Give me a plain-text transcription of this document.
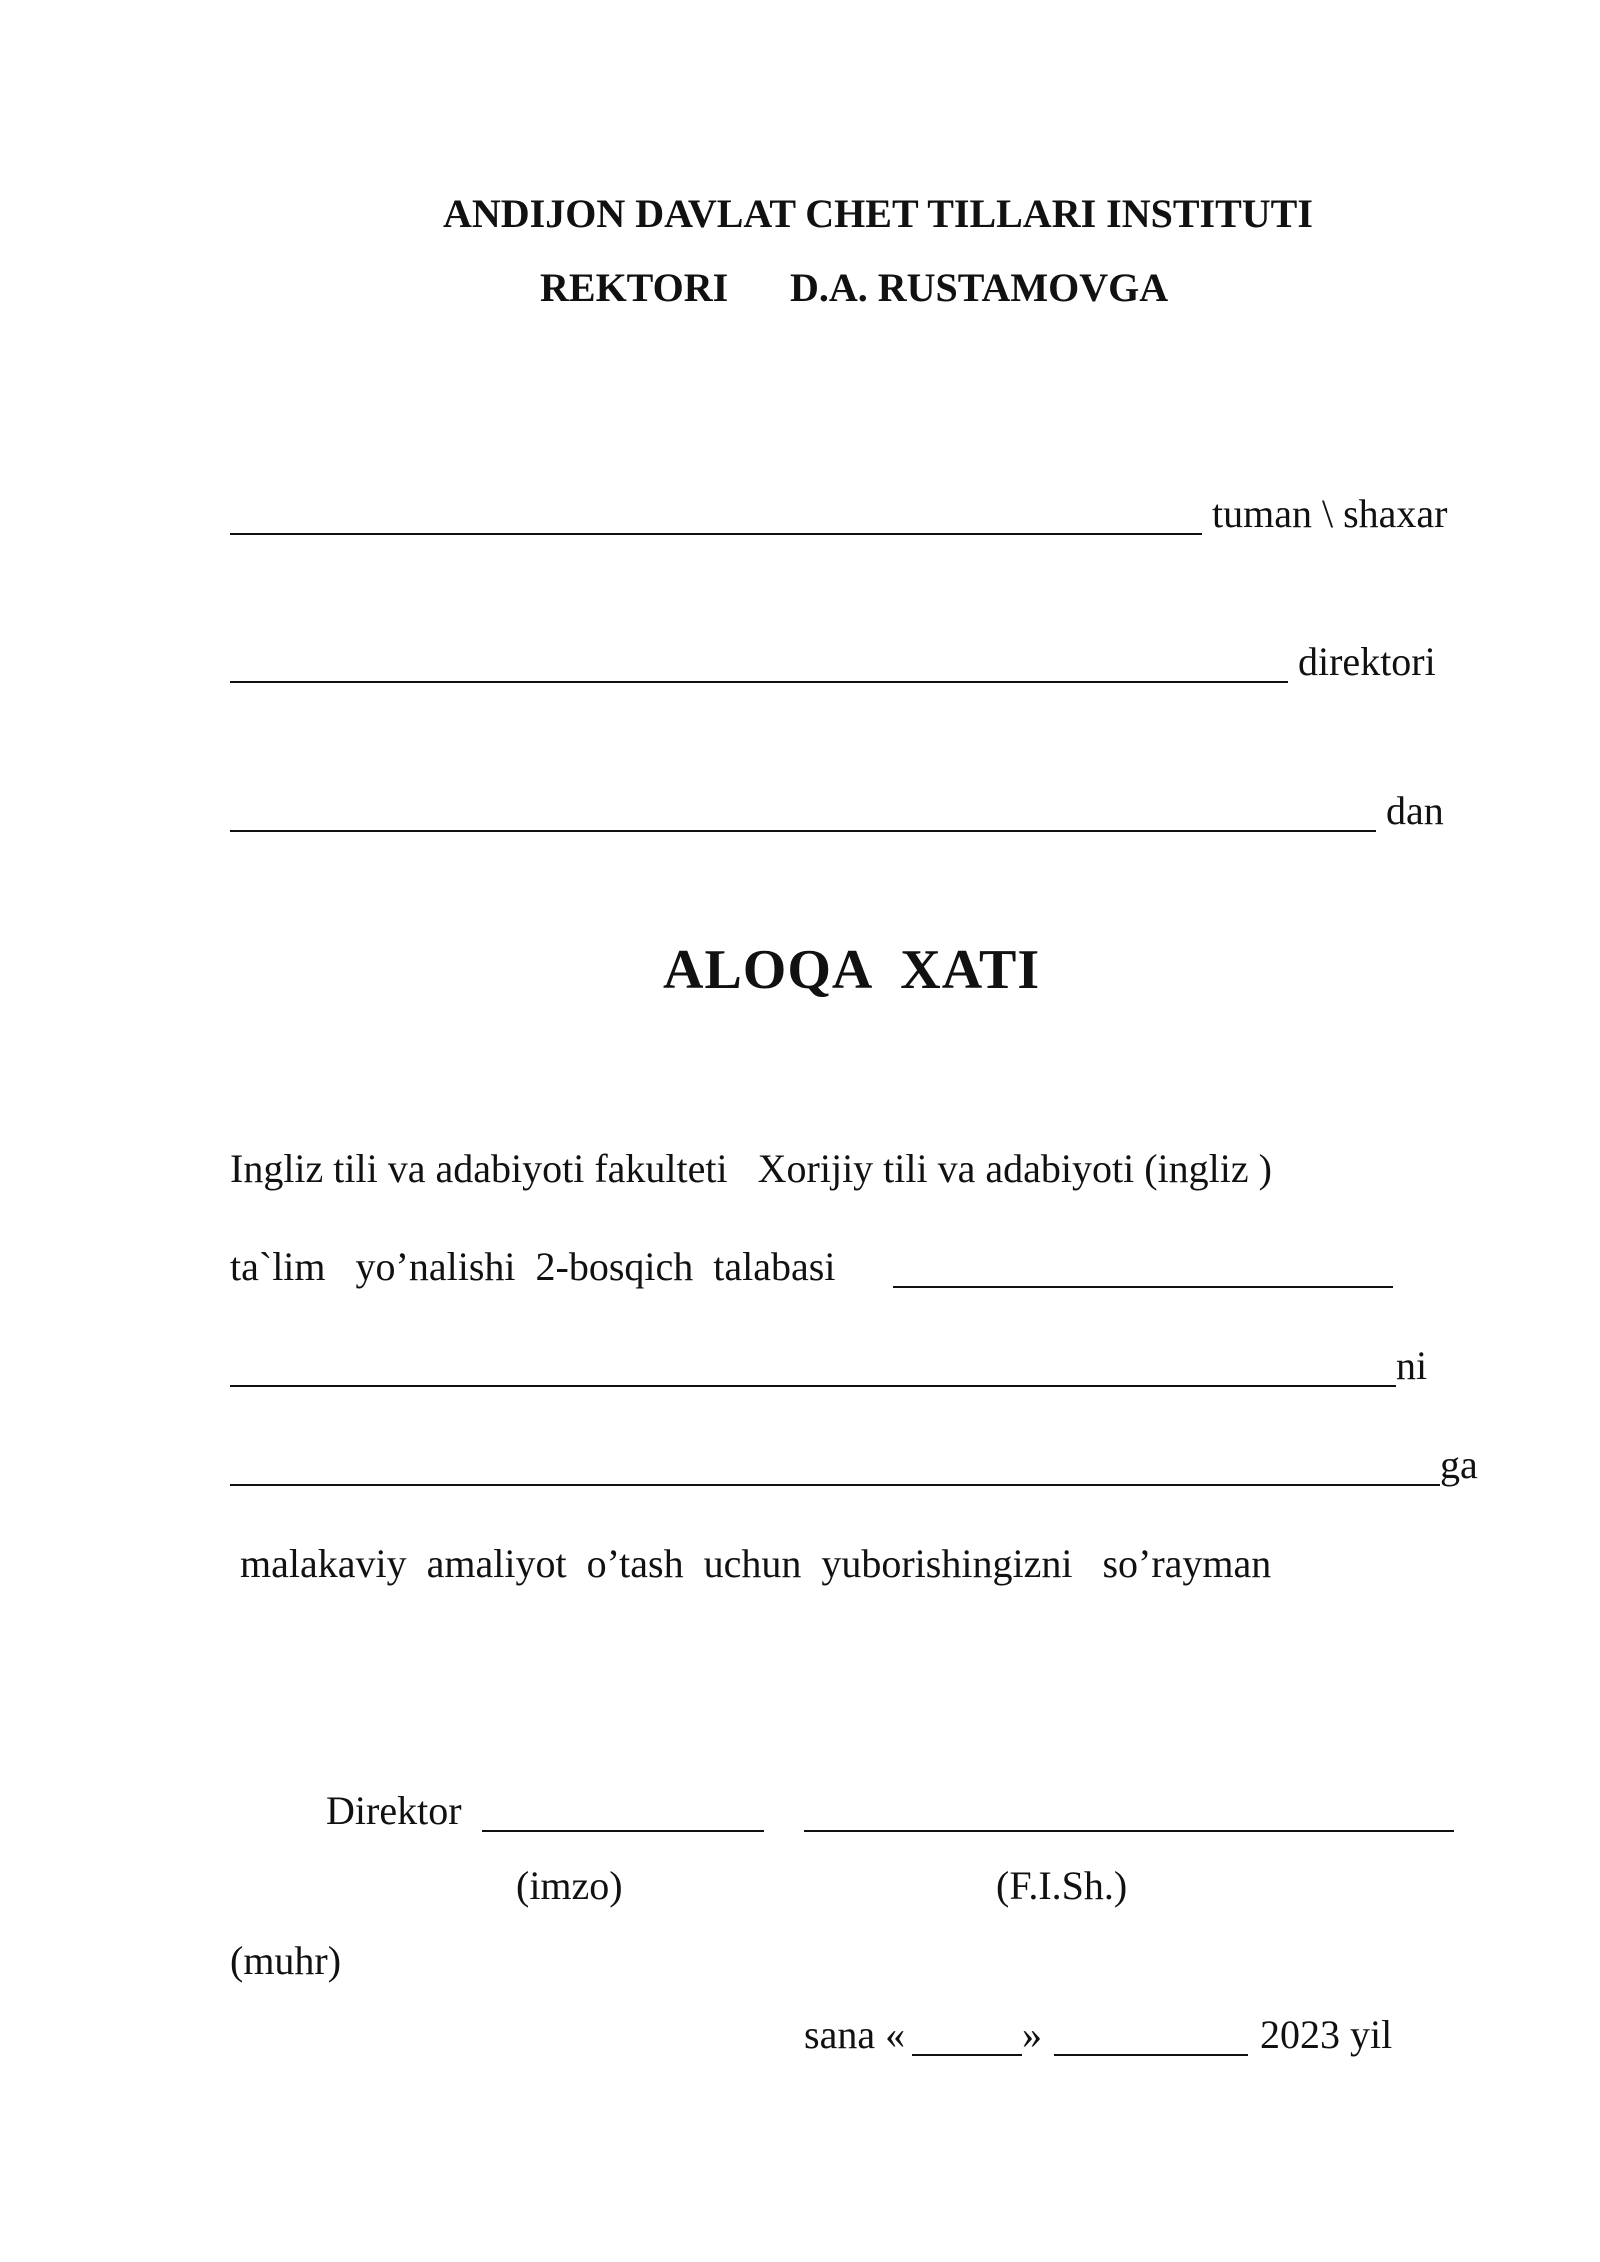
ANDIJON DAVLAT CHET TILLARI INSTITUTI
REKTORI D.A. RUSTAMOVGA
tuman \ shaxar
direktori
dan
ALOQA  XATI
Ingliz tili va adabiyoti fakulteti   Xorijiy tili va adabiyoti (ingliz )
ta`lim   yo’nalishi  2-bosqich  talabasi
ni
ga
malakaviy  amaliyot  o’tash  uchun  yuborishingizni   so’rayman
Direktor
(imzo)	(F.I.Sh.)
(muhr)
sana «	»	2023 yil
